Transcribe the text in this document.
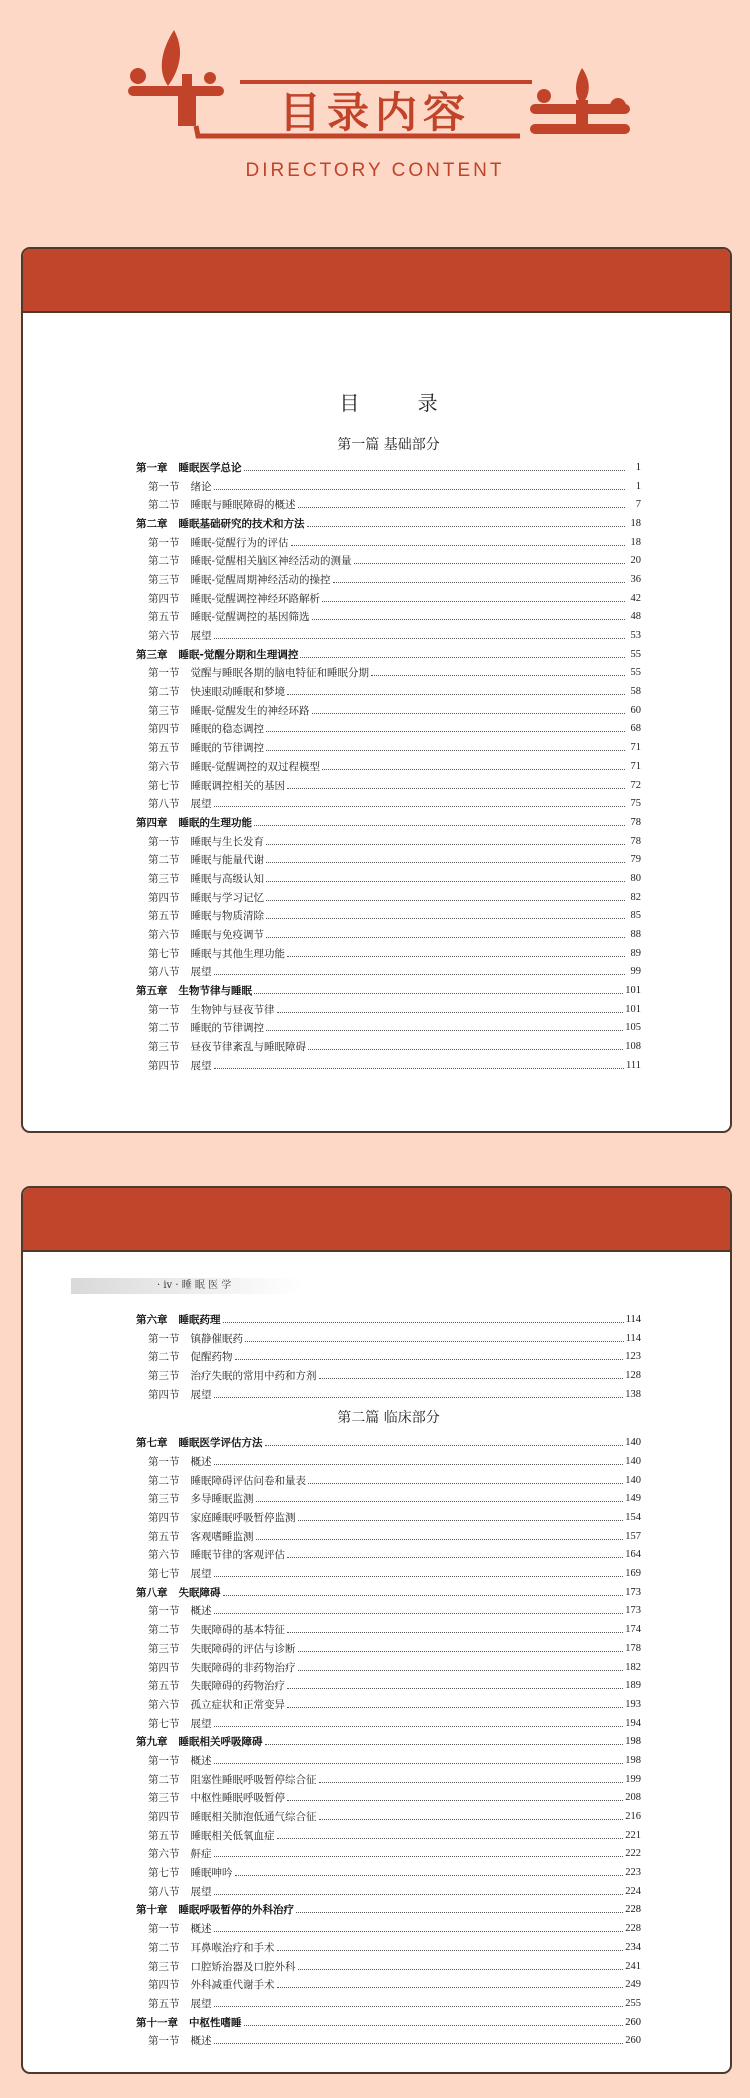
目录内容
DIRECTORY CONTENT
目 录
第一篇 基础部分
第一章 睡眠医学总论	1
第一节 绪论	1
第二节 睡眠与睡眠障碍的概述	7
第二章 睡眠基础研究的技术和方法	18
第一节 睡眠-觉醒行为的评估	18
第二节 睡眠-觉醒相关脑区神经活动的测量	20
第三节 睡眠-觉醒周期神经活动的操控	36
第四节 睡眠-觉醒调控神经环路解析	42
第五节 睡眠-觉醒调控的基因筛选	48
第六节 展望	53
第三章 睡眠-觉醒分期和生理调控	55
第一节 觉醒与睡眠各期的脑电特征和睡眠分期	55
第二节 快速眼动睡眠和梦境	58
第三节 睡眠-觉醒发生的神经环路	60
第四节 睡眠的稳态调控	68
第五节 睡眠的节律调控	71
第六节 睡眠-觉醒调控的双过程模型	71
第七节 睡眠调控相关的基因	72
第八节 展望	75
第四章 睡眠的生理功能	78
第一节 睡眠与生长发育	78
第二节 睡眠与能量代谢	79
第三节 睡眠与高级认知	80
第四节 睡眠与学习记忆	82
第五节 睡眠与物质清除	85
第六节 睡眠与免疫调节	88
第七节 睡眠与其他生理功能	89
第八节 展望	99
第五章 生物节律与睡眠	101
第一节 生物钟与昼夜节律	101
第二节 睡眠的节律调控	105
第三节 昼夜节律紊乱与睡眠障碍	108
第四节 展望	111
· iv · 睡 眠 医 学
第六章 睡眠药理	114
第一节 镇静催眠药	114
第二节 促醒药物	123
第三节 治疗失眠的常用中药和方剂	128
第四节 展望	138
第二篇 临床部分
第七章 睡眠医学评估方法	140
第一节 概述	140
第二节 睡眠障碍评估问卷和量表	140
第三节 多导睡眠监测	149
第四节 家庭睡眠呼吸暂停监测	154
第五节 客观嗜睡监测	157
第六节 睡眠节律的客观评估	164
第七节 展望	169
第八章 失眠障碍	173
第一节 概述	173
第二节 失眠障碍的基本特征	174
第三节 失眠障碍的评估与诊断	178
第四节 失眠障碍的非药物治疗	182
第五节 失眠障碍的药物治疗	189
第六节 孤立症状和正常变异	193
第七节 展望	194
第九章 睡眠相关呼吸障碍	198
第一节 概述	198
第二节 阻塞性睡眠呼吸暂停综合征	199
第三节 中枢性睡眠呼吸暂停	208
第四节 睡眠相关肺泡低通气综合征	216
第五节 睡眠相关低氧血症	221
第六节 鼾症	222
第七节 睡眠呻吟	223
第八节 展望	224
第十章 睡眠呼吸暂停的外科治疗	228
第一节 概述	228
第二节 耳鼻喉治疗和手术	234
第三节 口腔矫治器及口腔外科	241
第四节 外科减重代谢手术	249
第五节 展望	255
第十一章 中枢性嗜睡	260
第一节 概述	260
